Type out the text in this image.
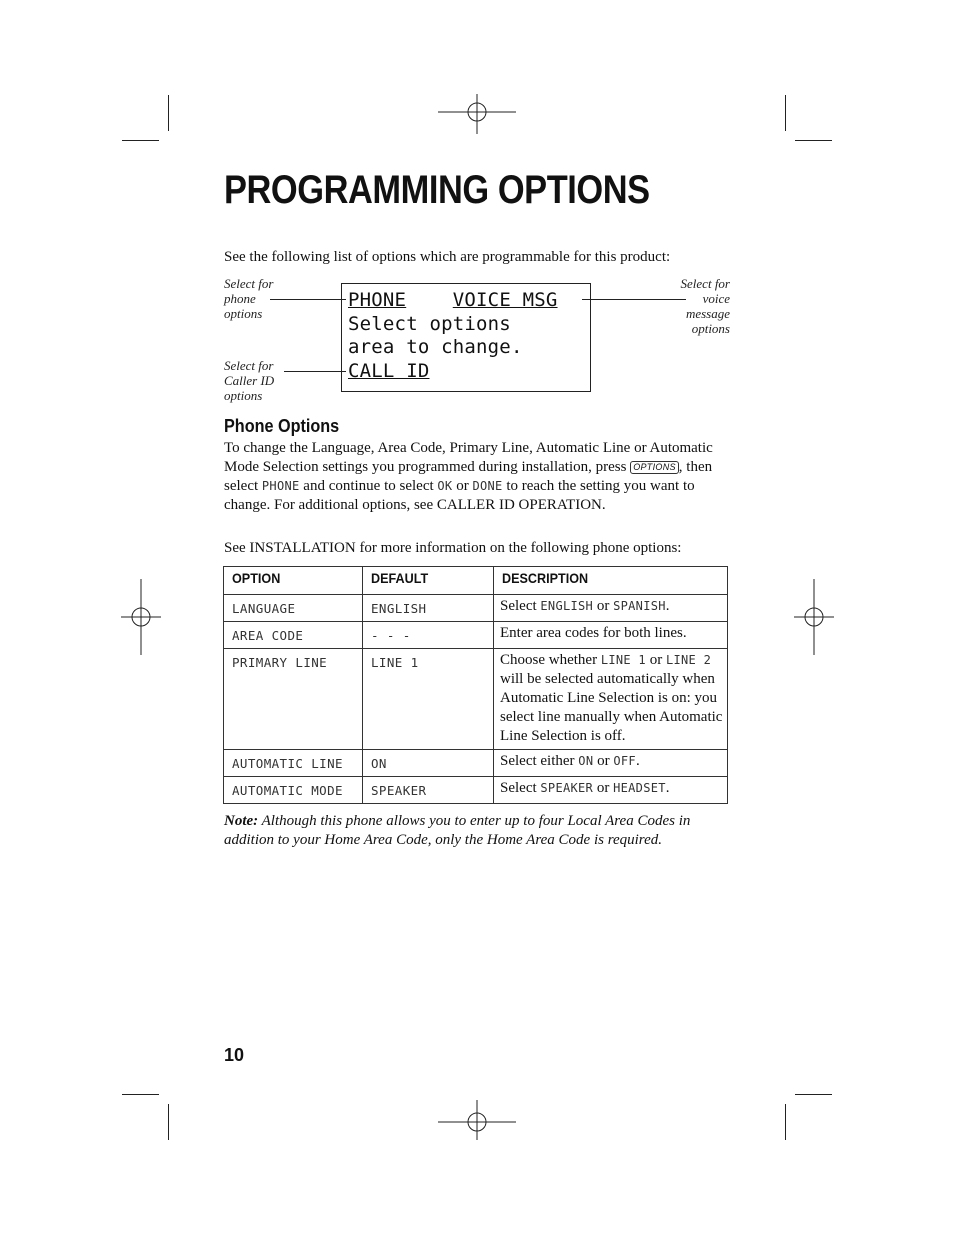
PROGRAMMING OPTIONS
See the following list of options which are programmable for this product:
Select for
phone
options
Select for
Caller ID
options
Select for
voice
message
options
PHONE VOICE MSG
Select options
area to change.
CALL ID
Phone Options
To change the Language, Area Code, Primary Line, Automatic Line or Automatic Mode Selection settings you programmed during installation, press OPTIONS , then select PHONE and continue to select OK or DONE to reach the setting you want to change. For additional options, see CALLER ID OPERATION.
See INSTALLATION for more information on the following phone options:
OPTION	DEFAULT	DESCRIPTION
LANGUAGE	ENGLISH	Select ENGLISH or SPANISH.
AREA CODE	- - -	Enter area codes for both lines.
PRIMARY LINE	LINE 1	Choose whether LINE 1 or LINE 2 will be selected automatically when Automatic Line Selection is on: you select line manually when Automatic Line Selection is off.
AUTOMATIC LINE	ON	Select either ON or OFF.
AUTOMATIC MODE	SPEAKER	Select SPEAKER or HEADSET.
Note: Although this phone allows you to enter up to four Local Area Codes in addition to your Home Area Code, only the Home Area Code is required.
10
